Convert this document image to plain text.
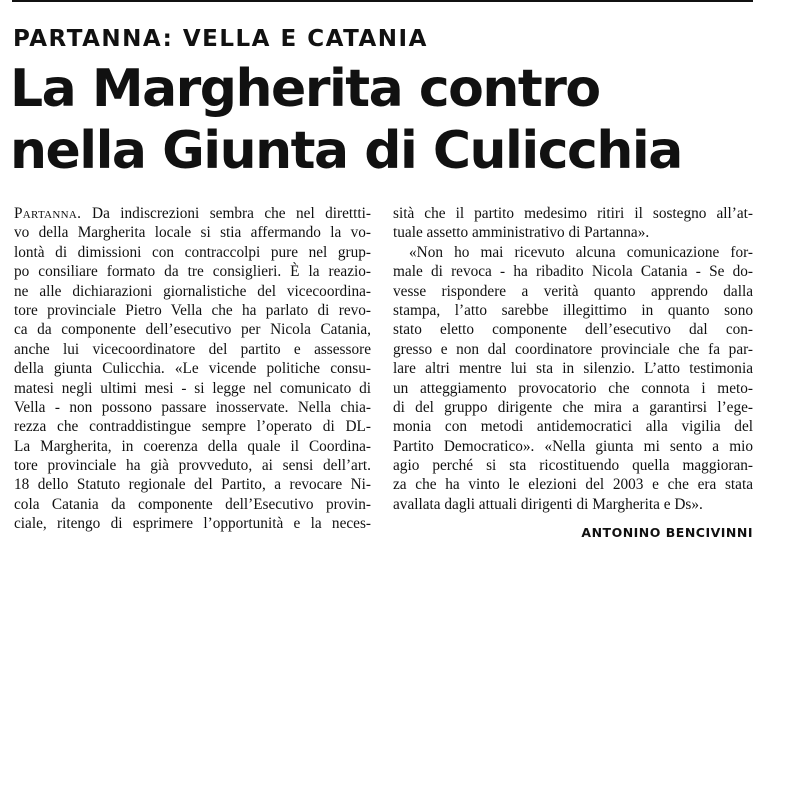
PARTANNA: VELLA E CATANIA
La Margherita contro
nella Giunta di Culicchia
Partanna. Da indiscrezioni sembra che nel direttti-
vo della Margherita locale si stia affermando la vo-
lontà di dimissioni con contraccolpi pure nel grup-
po consiliare formato da tre consiglieri. È la reazio-
ne alle dichiarazioni giornalistiche del vicecoordina-
tore provinciale Pietro Vella che ha parlato di revo-
ca da componente dell’esecutivo per Nicola Catania,
anche lui vicecoordinatore del partito e assessore
della giunta Culicchia. «Le vicende politiche consu-
matesi negli ultimi mesi - si legge nel comunicato di
Vella - non possono passare inosservate. Nella chia-
rezza che contraddistingue sempre l’operato di DL-
La Margherita, in coerenza della quale il Coordina-
tore provinciale ha già provveduto, ai sensi dell’art.
18 dello Statuto regionale del Partito, a revocare Ni-
cola Catania da componente dell’Esecutivo provin-
ciale, ritengo di esprimere l’opportunità e la neces-
sità che il partito medesimo ritiri il sostegno all’at-
tuale assetto amministrativo di Partanna».
«Non ho mai ricevuto alcuna comunicazione for-
male di revoca - ha ribadito Nicola Catania - Se do-
vesse rispondere a verità quanto apprendo dalla
stampa, l’atto sarebbe illegittimo in quanto sono
stato eletto componente dell’esecutivo dal con-
gresso e non dal coordinatore provinciale che fa par-
lare altri mentre lui sta in silenzio. L’atto testimonia
un atteggiamento provocatorio che connota i meto-
di del gruppo dirigente che mira a garantirsi l’ege-
monia con metodi antidemocratici alla vigilia del
Partito Democratico». «Nella giunta mi sento a mio
agio perché si sta ricostituendo quella maggioran-
za che ha vinto le elezioni del 2003 e che era stata
avallata dagli attuali dirigenti di Margherita e Ds».
ANTONINO BENCIVINNI
